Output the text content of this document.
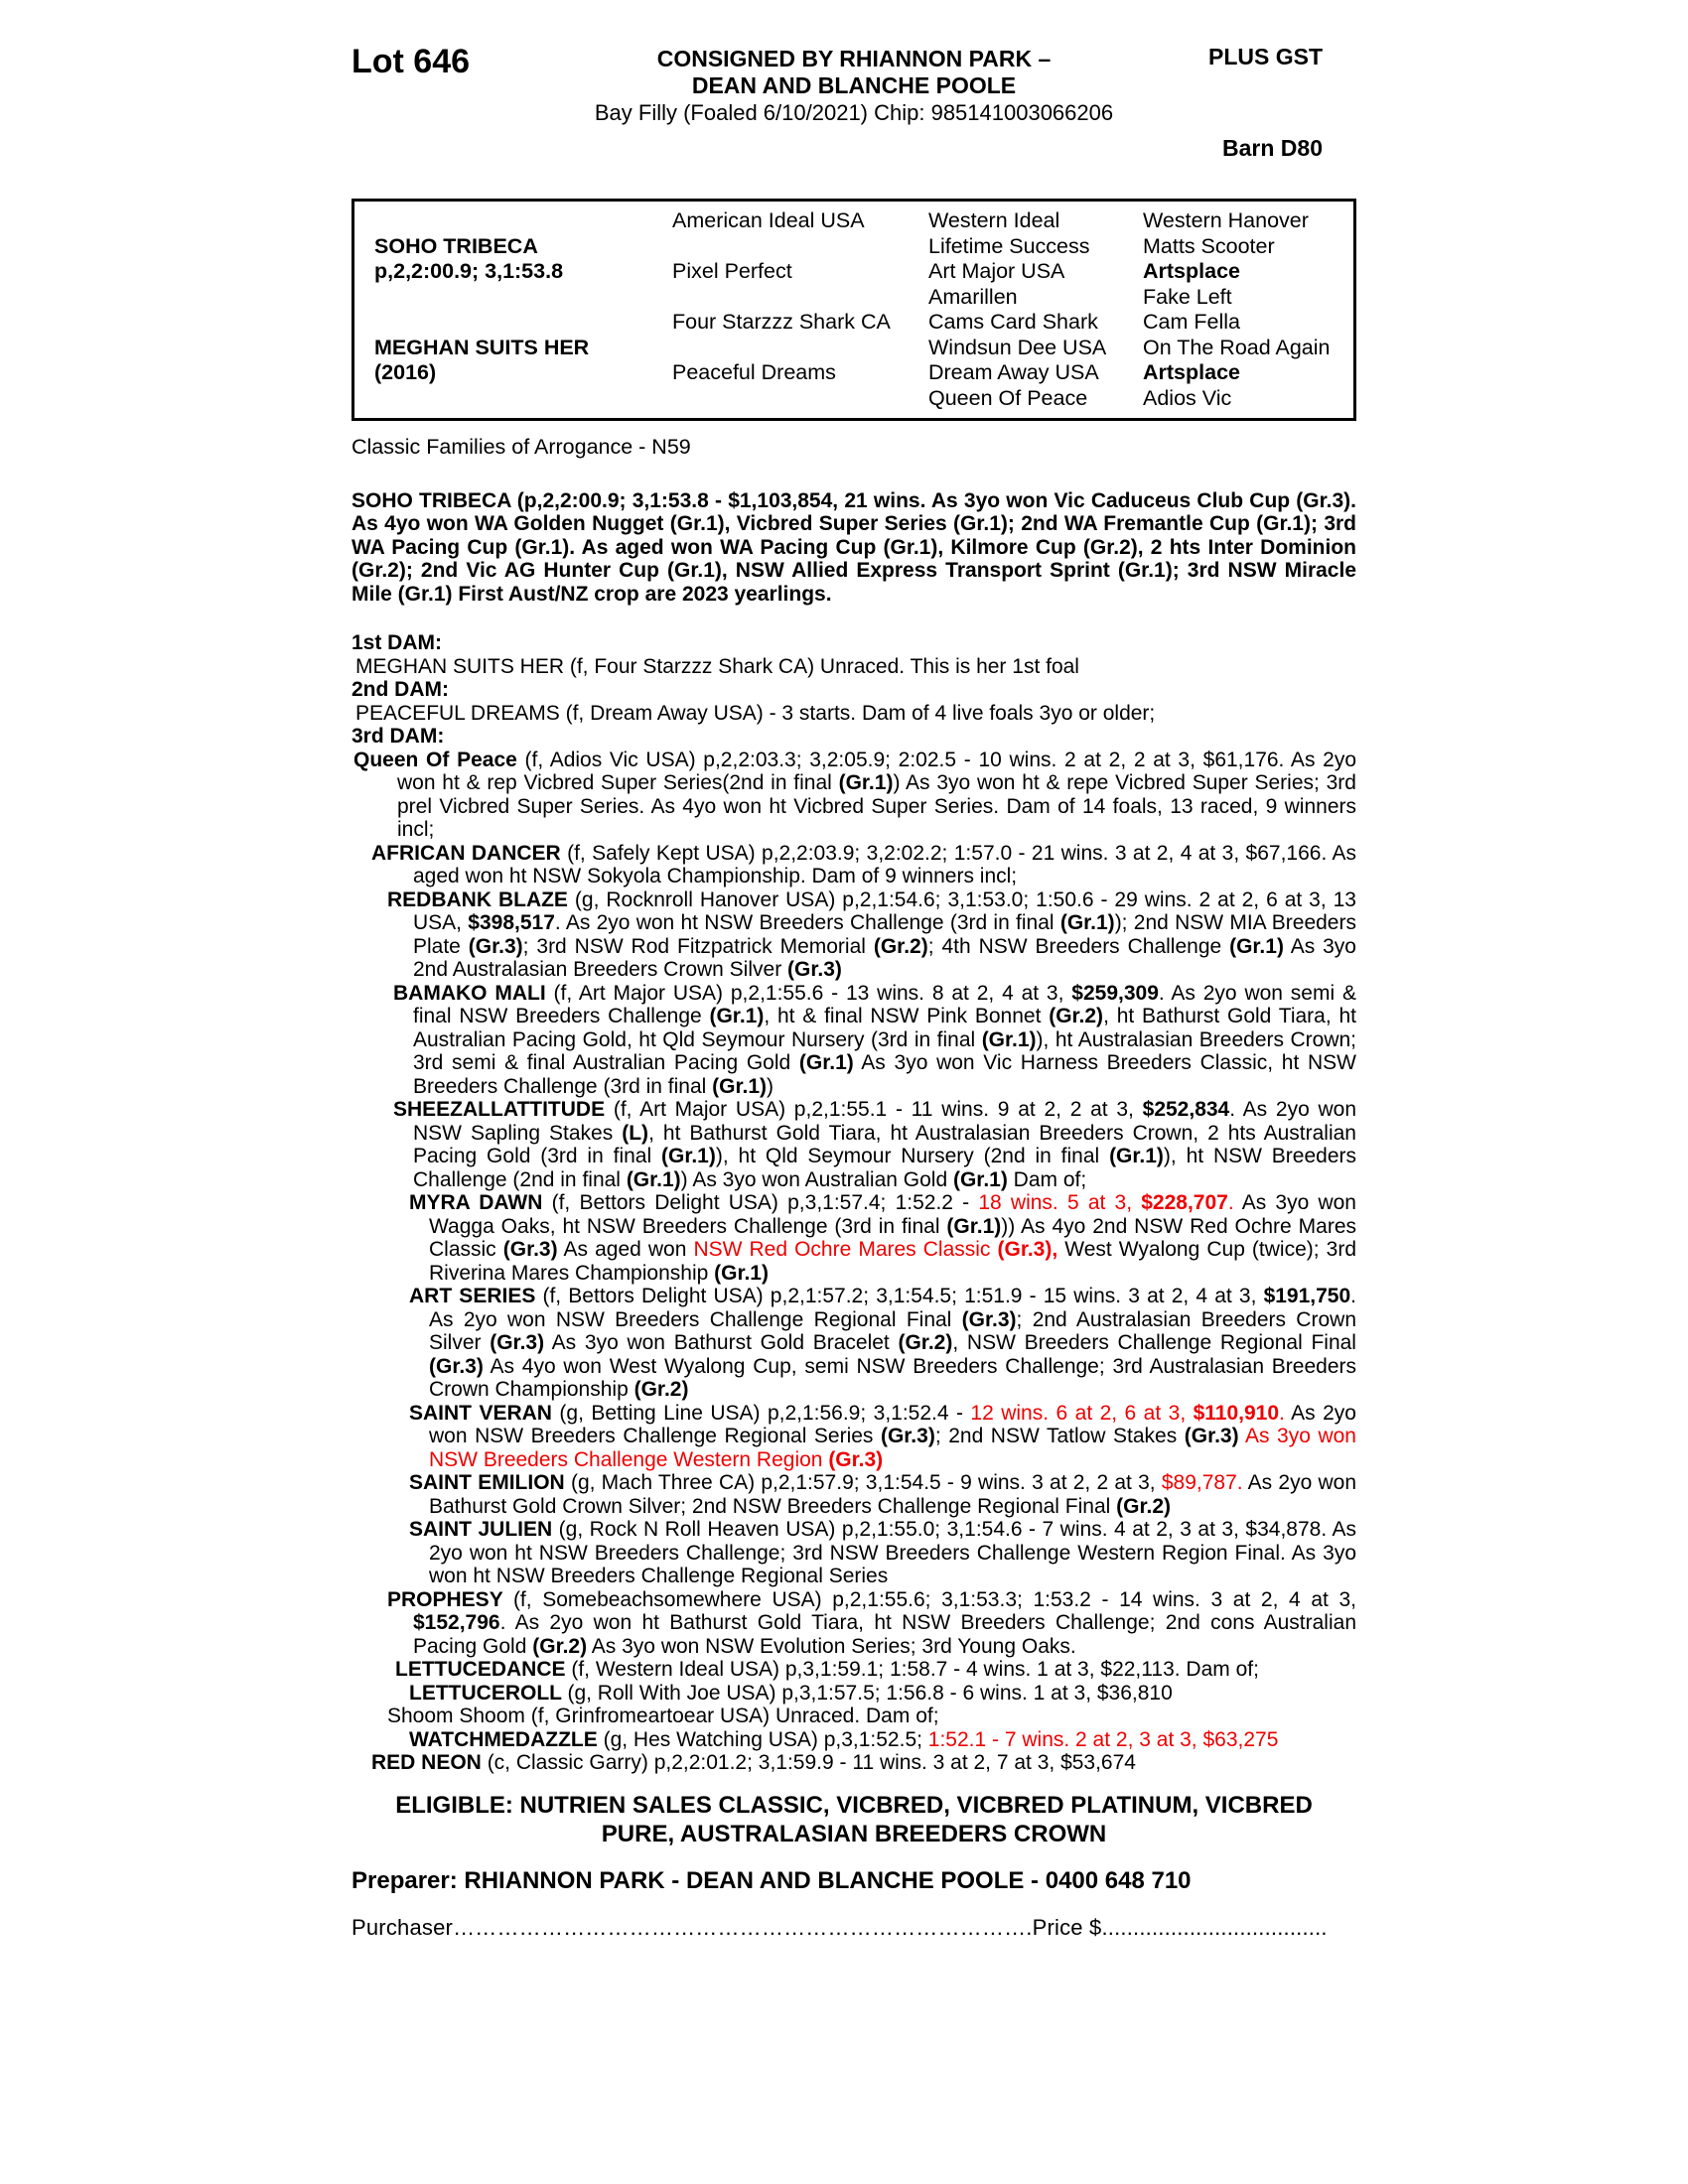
Lot 646	CONSIGNED BY RHIANNON PARK –
DEAN AND BLANCHE POOLE
Bay Filly (Foaled 6/10/2021) Chip: 985141003066206
PLUS GST
Barn D80
SOHO TRIBECA
p,2,2:00.9; 3,1:53.8
MEGHAN SUITS HER
(2016)
American Ideal USA
Pixel Perfect
Four Starzzz Shark CA
Peaceful Dreams
Western Ideal
Lifetime Success
Art Major USA
Amarillen
Cams Card Shark
Windsun Dee USA
Dream Away USA
Queen Of Peace
Western Hanover
Matts Scooter
Artsplace
Fake Left
Cam Fella
On The Road Again
Artsplace
Adios Vic
Classic Families of Arrogance - N59

SOHO TRIBECA (p,2,2:00.9; 3,1:53.8 - $1,103,854, 21 wins. As 3yo won Vic Caduceus Club Cup (Gr.3). As 4yo won WA Golden Nugget (Gr.1), Vicbred Super Series (Gr.1); 2nd WA Fremantle Cup (Gr.1); 3rd WA Pacing Cup (Gr.1). As aged won WA Pacing Cup (Gr.1), Kilmore Cup (Gr.2), 2 hts Inter Dominion (Gr.2); 2nd Vic AG Hunter Cup (Gr.1), NSW Allied Express Transport Sprint (Gr.1); 3rd NSW Miracle Mile (Gr.1) First Aust/NZ crop are 2023 yearlings.

1st DAM:

MEGHAN SUITS HER (f, Four Starzzz Shark CA) Unraced. This is her 1st foal

2nd DAM:

PEACEFUL DREAMS (f, Dream Away USA) - 3 starts. Dam of 4 live foals 3yo or older;

3rd DAM:

Queen Of Peace (f, Adios Vic USA) p,2,2:03.3; 3,2:05.9; 2:02.5 - 10 wins. 2 at 2, 2 at 3, $61,176. As 2yo won ht & rep Vicbred Super Series(2nd in final (Gr.1)) As 3yo won ht & repe Vicbred Super Series; 3rd prel Vicbred Super Series. As 4yo won ht Vicbred Super Series. Dam of 14 foals, 13 raced, 9 winners incl;

AFRICAN DANCER (f, Safely Kept USA) p,2,2:03.9; 3,2:02.2; 1:57.0 - 21 wins. 3 at 2, 4 at 3, $67,166. As aged won ht NSW Sokyola Championship. Dam of 9 winners incl;

REDBANK BLAZE (g, Rocknroll Hanover USA) p,2,1:54.6; 3,1:53.0; 1:50.6 - 29 wins. 2 at 2, 6 at 3, 13 USA, $398,517. As 2yo won ht NSW Breeders Challenge (3rd in final (Gr.1)); 2nd NSW MIA Breeders Plate (Gr.3); 3rd NSW Rod Fitzpatrick Memorial (Gr.2); 4th NSW Breeders Challenge (Gr.1) As 3yo 2nd Australasian Breeders Crown Silver (Gr.3)

BAMAKO MALI (f, Art Major USA) p,2,1:55.6 - 13 wins. 8 at 2, 4 at 3, $259,309. As 2yo won semi & final NSW Breeders Challenge (Gr.1), ht & final NSW Pink Bonnet (Gr.2), ht Bathurst Gold Tiara, ht Australian Pacing Gold, ht Qld Seymour Nursery (3rd in final (Gr.1)), ht Australasian Breeders Crown; 3rd semi & final Australian Pacing Gold (Gr.1) As 3yo won Vic Harness Breeders Classic, ht NSW Breeders Challenge (3rd in final (Gr.1))

SHEEZALLATTITUDE (f, Art Major USA) p,2,1:55.1 - 11 wins. 9 at 2, 2 at 3, $252,834. As 2yo won NSW Sapling Stakes (L), ht Bathurst Gold Tiara, ht Australasian Breeders Crown, 2 hts Australian Pacing Gold (3rd in final (Gr.1)), ht Qld Seymour Nursery (2nd in final (Gr.1)), ht NSW Breeders Challenge (2nd in final (Gr.1)) As 3yo won Australian Gold (Gr.1) Dam of;

MYRA DAWN (f, Bettors Delight USA) p,3,1:57.4; 1:52.2 - 18 wins. 5 at 3, $228,707. As 3yo won Wagga Oaks, ht NSW Breeders Challenge (3rd in final (Gr.1))) As 4yo 2nd NSW Red Ochre Mares Classic (Gr.3) As aged won NSW Red Ochre Mares Classic (Gr.3), West Wyalong Cup (twice); 3rd Riverina Mares Championship (Gr.1)

ART SERIES (f, Bettors Delight USA) p,2,1:57.2; 3,1:54.5; 1:51.9 - 15 wins. 3 at 2, 4 at 3, $191,750. As 2yo won NSW Breeders Challenge Regional Final (Gr.3); 2nd Australasian Breeders Crown Silver (Gr.3) As 3yo won Bathurst Gold Bracelet (Gr.2), NSW Breeders Challenge Regional Final (Gr.3) As 4yo won West Wyalong Cup, semi NSW Breeders Challenge; 3rd Australasian Breeders Crown Championship (Gr.2)

SAINT VERAN (g, Betting Line USA) p,2,1:56.9; 3,1:52.4 - 12 wins. 6 at 2, 6 at 3, $110,910. As 2yo won NSW Breeders Challenge Regional Series (Gr.3); 2nd NSW Tatlow Stakes (Gr.3) As 3yo won NSW Breeders Challenge Western Region (Gr.3)

SAINT EMILION (g, Mach Three CA) p,2,1:57.9; 3,1:54.5 - 9 wins. 3 at 2, 2 at 3, $89,787. As 2yo won Bathurst Gold Crown Silver; 2nd NSW Breeders Challenge Regional Final (Gr.2)

SAINT JULIEN (g, Rock N Roll Heaven USA) p,2,1:55.0; 3,1:54.6 - 7 wins. 4 at 2, 3 at 3, $34,878. As 2yo won ht NSW Breeders Challenge; 3rd NSW Breeders Challenge Western Region Final. As 3yo won ht NSW Breeders Challenge Regional Series

PROPHESY (f, Somebeachsomewhere USA) p,2,1:55.6; 3,1:53.3; 1:53.2 - 14 wins. 3 at 2, 4 at 3, $152,796. As 2yo won ht Bathurst Gold Tiara, ht NSW Breeders Challenge; 2nd cons Australian Pacing Gold (Gr.2) As 3yo won NSW Evolution Series; 3rd Young Oaks.

LETTUCEDANCE (f, Western Ideal USA) p,3,1:59.1; 1:58.7 - 4 wins. 1 at 3, $22,113. Dam of;

LETTUCEROLL (g, Roll With Joe USA) p,3,1:57.5; 1:56.8 - 6 wins. 1 at 3, $36,810

Shoom Shoom (f, Grinfromeartoear USA) Unraced. Dam of;

WATCHMEDAZZLE (g, Hes Watching USA) p,3,1:52.5; 1:52.1 - 7 wins. 2 at 2, 3 at 3, $63,275

RED NEON (c, Classic Garry) p,2,2:01.2; 3,1:59.9 - 11 wins. 3 at 2, 7 at 3, $53,674

ELIGIBLE: NUTRIEN SALES CLASSIC, VICBRED, VICBRED PLATINUM, VICBRED
PURE, AUSTRALASIAN BREEDERS CROWN
Preparer: RHIANNON PARK - DEAN AND BLANCHE POOLE - 0400 648 710
Purchaser…………………………………………………………………….Price $....................................
